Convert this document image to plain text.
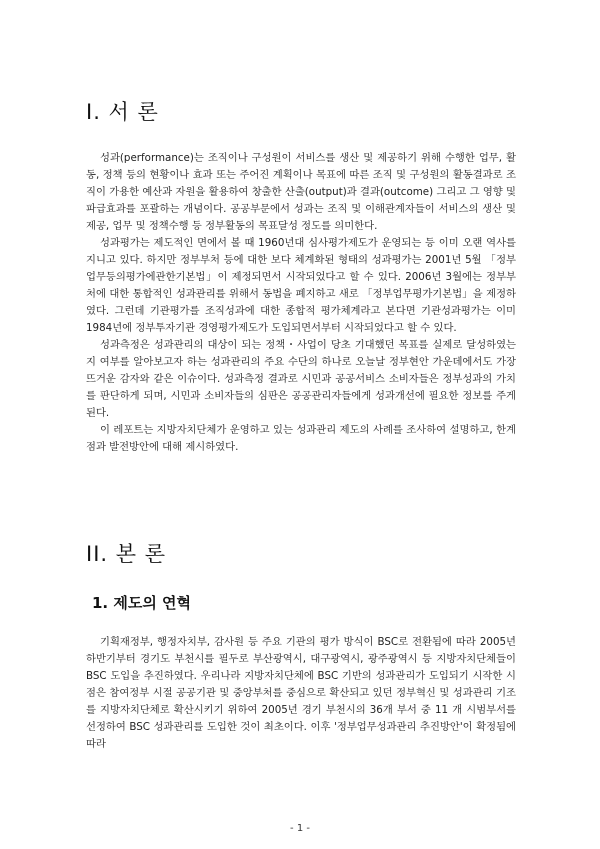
I. 서 론

성과(performance)는 조직이나 구성원이 서비스를 생산 및 제공하기 위해 수행한 업무, 활동, 정책 등의 현황이나 효과 또는 주어진 계획이나 목표에 따른 조직 및 구성원의 활동결과로 조직이 가용한 예산과 자원을 활용하여 창출한 산출(output)과 결과(outcome) 그리고 그 영향 및 파급효과를 포괄하는 개념이다. 공공부문에서 성과는 조직 및 이해관계자들이 서비스의 생산 및 제공, 업무 및 정책수행 등 정부활동의 목표달성 정도를 의미한다.

성과평가는 제도적인 면에서 볼 때 1960년대 심사평가제도가 운영되는 등 이미 오랜 역사를 지니고 있다. 하지만 정부부처 등에 대한 보다 체계화된 형태의 성과평가는 2001년 5월 「정부업무등의평가에관한기본법」이 제정되면서 시작되었다고 할 수 있다. 2006년 3월에는 정부부처에 대한 통합적인 성과관리를 위해서 동법을 폐지하고 새로 「정부업무평가기본법」을 제정하였다. 그런데 기관평가를 조직성과에 대한 종합적 평가체계라고 본다면 기관성과평가는 이미 1984년에 정부투자기관 경영평가제도가 도입되면서부터 시작되었다고 할 수 있다.

성과측정은 성과관리의 대상이 되는 정책・사업이 당초 기대했던 목표를 실제로 달성하였는지 여부를 알아보고자 하는 성과관리의 주요 수단의 하나로 오늘날 정부현안 가운데에서도 가장 뜨거운 감자와 같은 이슈이다. 성과측정 결과로 시민과 공공서비스 소비자들은 정부성과의 가치를 판단하게 되며, 시민과 소비자들의 심판은 공공관리자들에게 성과개선에 필요한 정보를 주게 된다.

이 레포트는 지방자치단체가 운영하고 있는 성과관리 제도의 사례를 조사하여 설명하고, 한계점과 발전방안에 대해 제시하였다.

II. 본 론
1. 제도의 연혁

기획재정부, 행정자치부, 감사원 등 주요 기관의 평가 방식이 BSC로 전환됨에 따라 2005년 하반기부터 경기도 부천시를 필두로 부산광역시, 대구광역시, 광주광역시 등 지방자치단체들이 BSC 도입을 추진하였다. 우리나라 지방자치단체에 BSC 기반의 성과관리가 도입되기 시작한 시점은 참여정부 시절 공공기관 및 중앙부처를 중심으로 확산되고 있던 정부혁신 및 성과관리 기조를 지방자치단체로 확산시키기 위하여 2005년 경기 부천시의 36개 부서 중 11 개 시범부서를 선정하여 BSC 성과관리를 도입한 것이 최초이다. 이후 '정부업무성과관리 추진방안'이 확정됨에 따라

- 1 -
